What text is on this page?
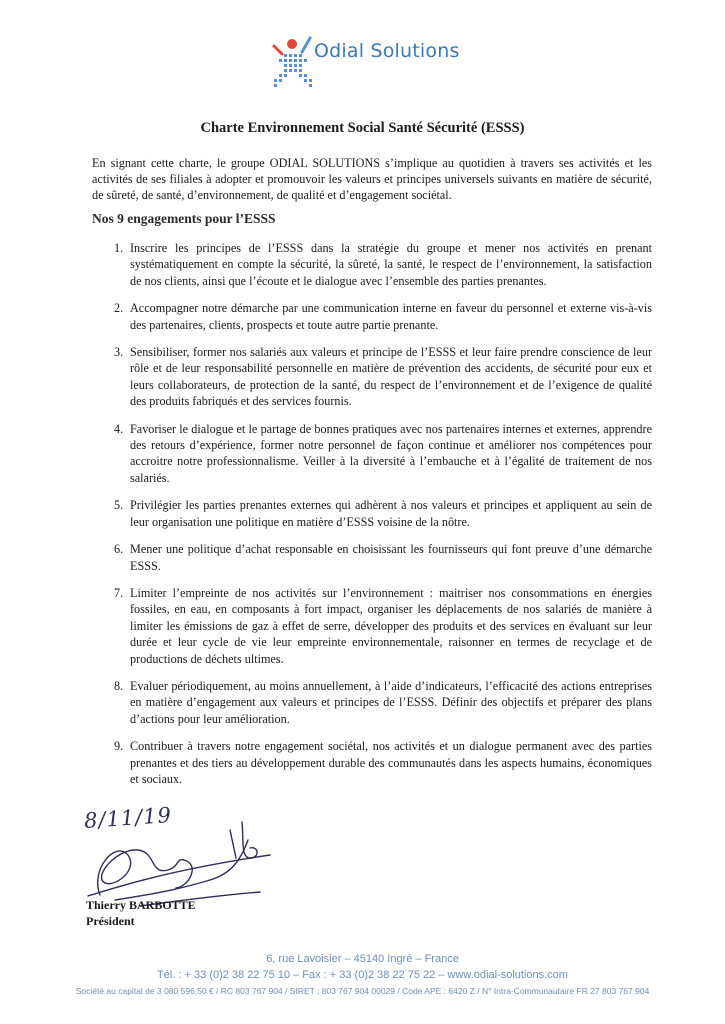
Odial Solutions
Charte Environnement Social Santé Sécurité (ESSS)
En signant cette charte, le groupe ODIAL SOLUTIONS s’implique au quotidien à travers ses activités et les activités de ses filiales à adopter et promouvoir les valeurs et principes universels suivants en matière de sécurité, de sûreté, de santé, d’environnement, de qualité et d’engagement sociétal.
Nos 9 engagements pour l’ESSS
1. Inscrire les principes de l’ESSS dans la stratégie du groupe et mener nos activités en prenant systématiquement en compte la sécurité, la sûreté, la santé, le respect de l’environnement, la satisfaction de nos clients, ainsi que l’écoute et le dialogue avec l’ensemble des parties prenantes.
2. Accompagner notre démarche par une communication interne en faveur du personnel et externe vis-à-vis des partenaires, clients, prospects et toute autre partie prenante.
3. Sensibiliser, former nos salariés aux valeurs et principe de l’ESSS et leur faire prendre conscience de leur rôle et de leur responsabilité personnelle en matière de prévention des accidents, de sécurité pour eux et leurs collaborateurs, de protection de la santé, du respect de l’environnement et de l’exigence de qualité des produits fabriqués et des services fournis.
4. Favoriser le dialogue et le partage de bonnes pratiques avec nos partenaires internes et externes, apprendre des retours d’expérience, former notre personnel de façon continue et améliorer nos compétences pour accroitre notre professionnalisme. Veiller à la diversité à l’embauche et à l’égalité de traitement de nos salariés.
5. Privilégier les parties prenantes externes qui adhèrent à nos valeurs et principes et appliquent au sein de leur organisation une politique en matière d’ESSS voisine de la nôtre.
6. Mener une politique d’achat responsable en choisissant les fournisseurs qui font preuve d’une démarche ESSS.
7. Limiter l’empreinte de nos activités sur l’environnement : maitriser nos consommations en énergies fossiles, en eau, en composants à fort impact, organiser les déplacements de nos salariés de manière à limiter les émissions de gaz à effet de serre, développer des produits et des services en évaluant sur leur durée et leur cycle de vie leur empreinte environnementale, raisonner en termes de recyclage et de productions de déchets ultimes.
8. Evaluer périodiquement, au moins annuellement, à l’aide d’indicateurs, l’efficacité des actions entreprises en matière d’engagement aux valeurs et principes de l’ESSS. Définir des objectifs et préparer des plans d’actions pour leur amélioration.
9. Contribuer à travers notre engagement sociétal, nos activités et un dialogue permanent avec des parties prenantes et des tiers au développement durable des communautés dans les aspects humains, économiques et sociaux.
8/11/19
Thierry BARBOTTE
Président
6, rue Lavoisier – 45140 Ingré – France
Tél. : + 33 (0)2 38 22 75 10 – Fax : + 33 (0)2 38 22 75 22 – www.odial-solutions.com
Société au capital de 3 080 596,50 € / RC 803 767 904 / SIRET : 803 767 904 00029 / Code APE : 6420 Z / N° Intra-Communautaire FR 27 803 767 904
